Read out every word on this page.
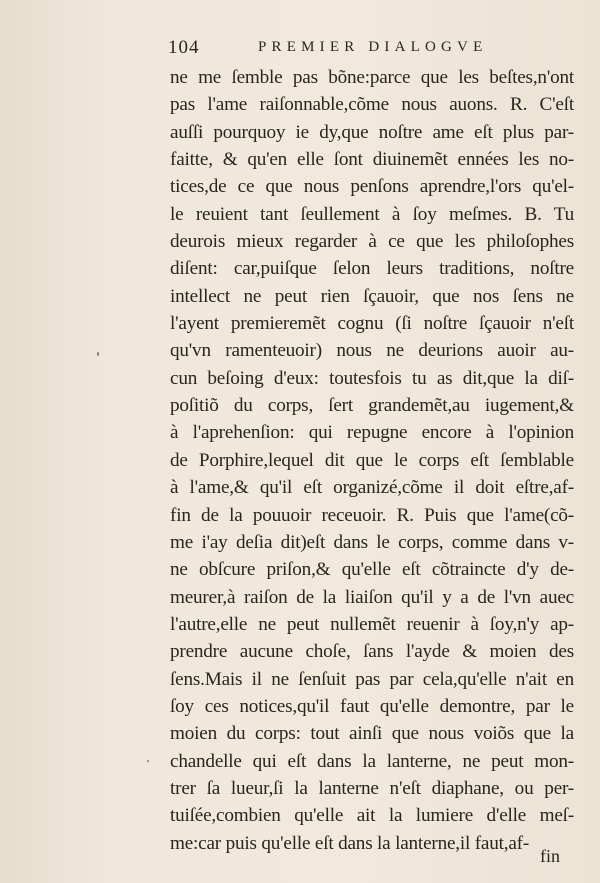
104	PREMIER DIALOGVE
ne me ſemble pas bõne:parce que les beſtes,n'ont
pas l'ame raiſonnable,cõme nous auons. R. C'eſt
auſſi pourquoy ie dy,que noſtre ame eſt plus par-
faitte, & qu'en elle ſont diuinemẽt ennées les no-
tices,de ce que nous penſons aprendre,l'ors qu'el-
le reuient tant ſeullement à ſoy meſmes. B. Tu
deurois mieux regarder à ce que les philoſophes
diſent: car,puiſque ſelon leurs traditions, noſtre
intellect ne peut rien ſçauoir, que nos ſens ne
l'ayent premieremẽt cognu (ſi noſtre ſçauoir n'eſt
qu'vn ramenteuoir) nous ne deurions auoir au-
cun beſoing d'eux: toutesfois tu as dit,que la diſ-
poſitiõ du corps, ſert grandemẽt,au iugement,&
à l'aprehenſion: qui repugne encore à l'opinion
de Porphire,lequel dit que le corps eſt ſemblable
à l'ame,& qu'il eſt organizé,cõme il doit eſtre,af-
fin de la pouuoir receuoir. R. Puis que l'ame(cõ-
me i'ay deſia dit)eſt dans le corps, comme dans v-
ne obſcure priſon,& qu'elle eſt cõtraincte d'y de-
meurer,à raiſon de la liaiſon qu'il y a de l'vn auec
l'autre,elle ne peut nullemẽt reuenir à ſoy,n'y ap-
prendre aucune choſe, ſans l'ayde & moien des
ſens.Mais il ne ſenſuit pas par cela,qu'elle n'ait en
ſoy ces notices,qu'il faut qu'elle demontre, par le
moien du corps: tout ainſi que nous voiõs que la
chandelle qui eſt dans la lanterne, ne peut mon-
trer ſa lueur,ſi la lanterne n'eſt diaphane, ou per-
tuiſée,combien qu'elle ait la lumiere d'elle meſ-
me:car puis qu'elle eſt dans la lanterne,il faut,af-
fin
